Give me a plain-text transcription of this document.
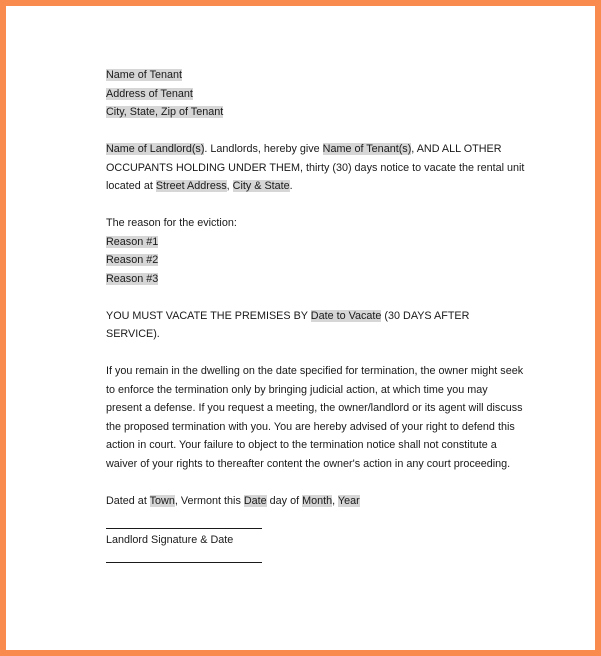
Name of Tenant
Address of Tenant
City, State, Zip of Tenant

Name of Landlord(s). Landlords, hereby give Name of Tenant(s), AND ALL OTHER OCCUPANTS HOLDING UNDER THEM, thirty (30) days notice to vacate the rental unit located at Street Address, City & State.

The reason for the eviction:
Reason #1
Reason #2
Reason #3

YOU MUST VACATE THE PREMISES BY Date to Vacate (30 DAYS AFTER SERVICE).

If you remain in the dwelling on the date specified for termination, the owner might seek to enforce the termination only by bringing judicial action, at which time you may present a defense. If you request a meeting, the owner/landlord or its agent will discuss the proposed termination with you. You are hereby advised of your right to defend this action in court. Your failure to object to the termination notice shall not constitute a waiver of your rights to thereafter content the owner's action in any court proceeding.

Dated at Town, Vermont this Date day of Month, Year

Landlord Signature & Date
